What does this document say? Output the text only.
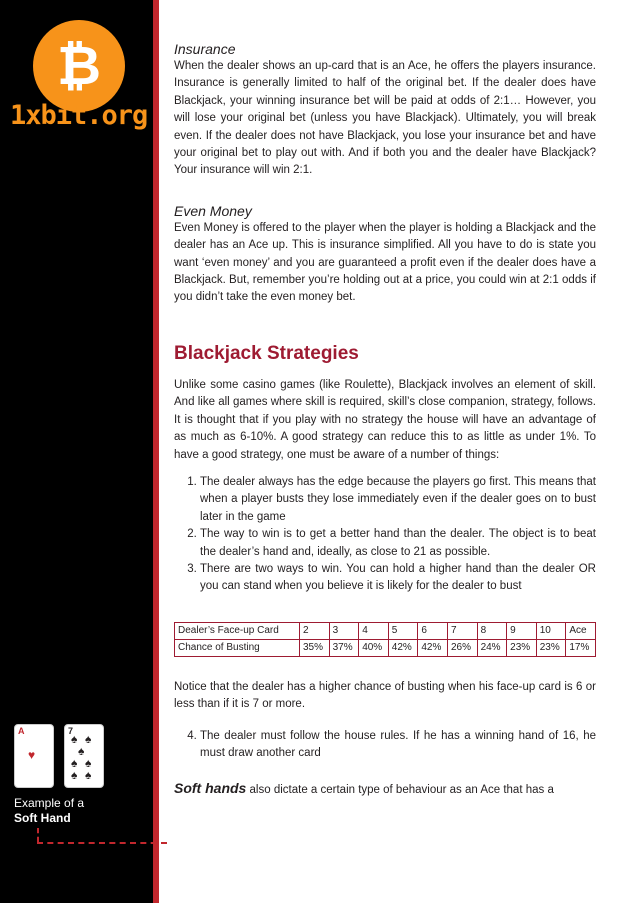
₿
1xbit.org
Insurance

When the dealer shows an up-card that is an Ace, he offers the players insurance. Insurance is generally limited to half of the original bet. If the dealer does have Blackjack, your winning insurance bet will be paid at odds of 2:1… However, you will lose your original bet (unless you have Blackjack). Ultimately, you will break even. If the dealer does not have Blackjack, you lose your insurance bet and have your original bet to play out with. And if both you and the dealer have Blackjack? Your insurance will win 2:1.

Even Money

Even Money is offered to the player when the player is holding a Blackjack and the dealer has an Ace up. This is insurance simplified. All you have to do is state you want ‘even money’ and you are guaranteed a profit even if the dealer does have a Blackjack. But, remember you’re holding out at a price, you could win at 2:1 odds if you didn’t take the even money bet.

Blackjack Strategies

Unlike some casino games (like Roulette), Blackjack involves an element of skill. And like all games where skill is required, skill’s close companion, strategy, follows. It is thought that if you play with no strategy the house will have an advantage of as much as 6-10%. A good strategy can reduce this to as little as under 1%. To have a good strategy, one must be aware of a number of things:

1. The dealer always has the edge because the players go first. This means that when a player busts they lose immediately even if the dealer goes on to bust later in the game
2. The way to win is to get a better hand than the dealer. The object is to beat the dealer’s hand and, ideally, as close to 21 as possible.
3. There are two ways to win. You can hold a higher hand than the dealer OR you can stand when you believe it is likely for the dealer to bust
Dealer’s Face-up Card	2	3	4	5	6	7	8	9	10	Ace
Chance of Busting	35%	37%	40%	42%	42%	26%	24%	23%	23%	17%

Notice that the dealer has a higher chance of busting when his face-up card is 6 or less than if it is 7 or more.

4. The dealer must follow the house rules. If he has a winning hand of 16, he must draw another card

Soft hands also dictate a certain type of behaviour as an Ace that has a

A
♥
7
♠ ♠
♠
♠ ♠
♠ ♠
Example of a
Soft Hand
